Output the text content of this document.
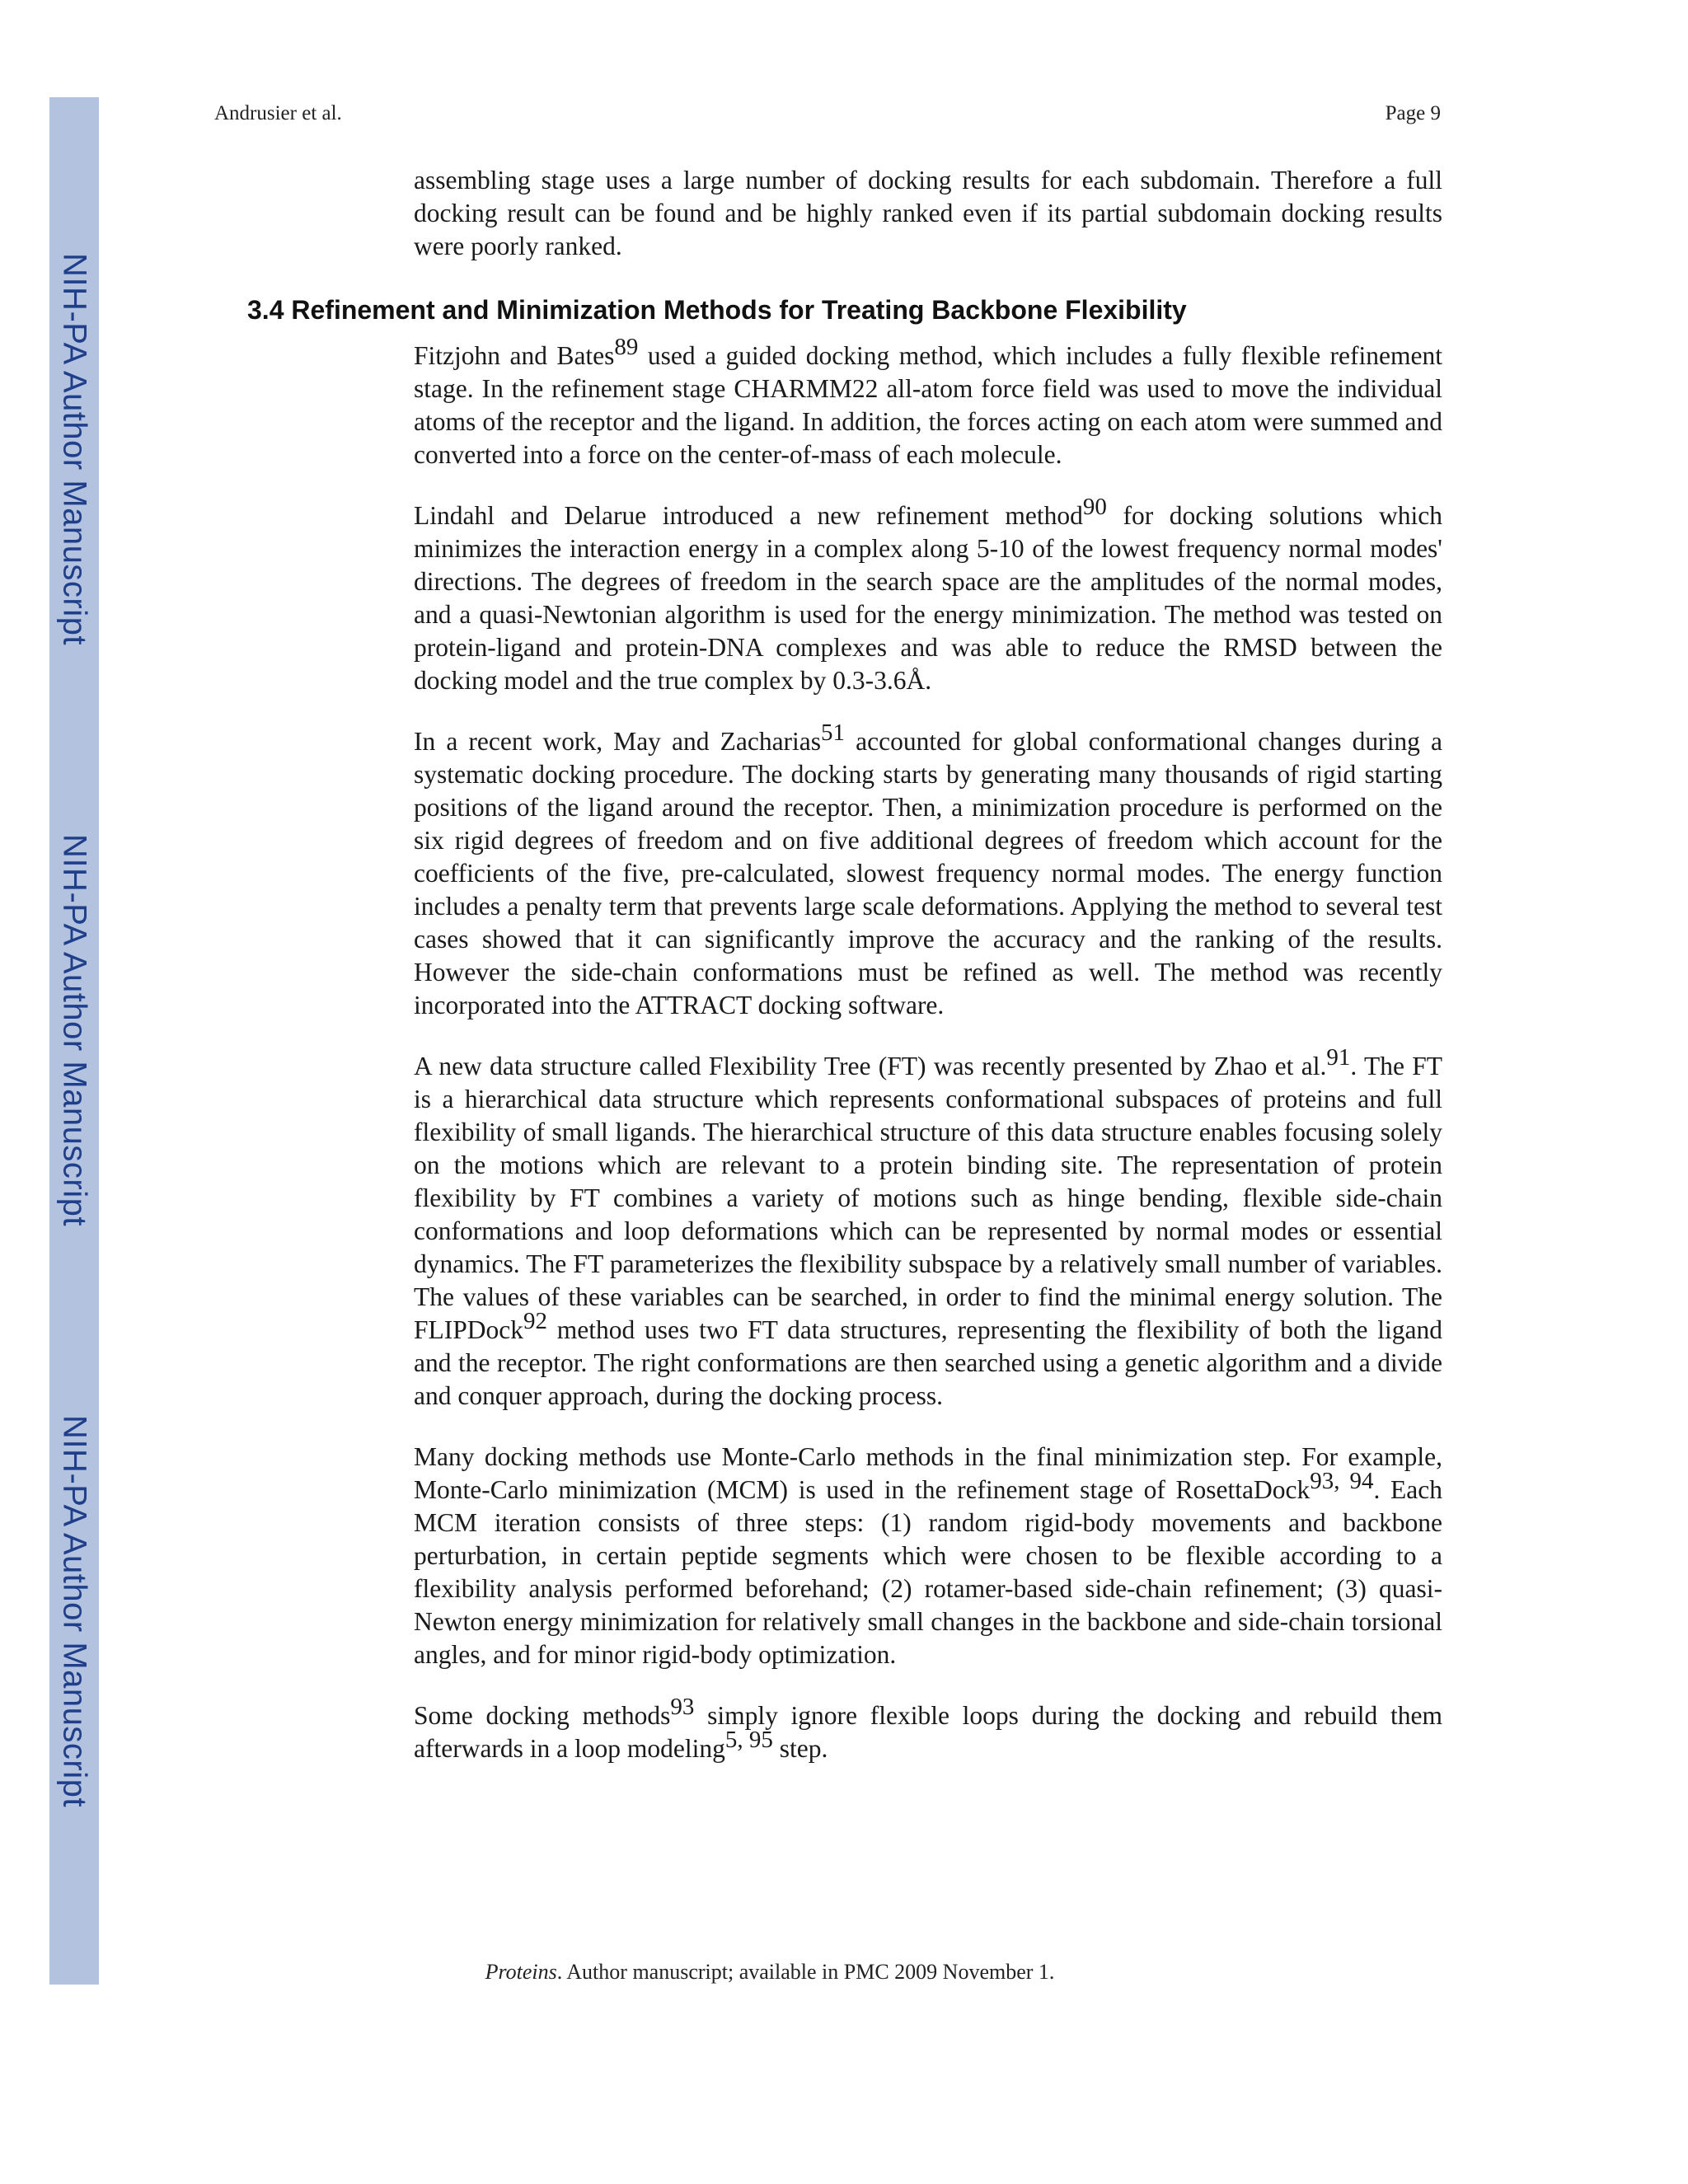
NIH-PA Author Manuscript
NIH-PA Author Manuscript
NIH-PA Author Manuscript
Andrusier et al.	Page 9

assembling stage uses a large number of docking results for each subdomain. Therefore a full docking result can be found and be highly ranked even if its partial subdomain docking results were poorly ranked.

3.4 Refinement and Minimization Methods for Treating Backbone Flexibility

Fitzjohn and Bates$^{89}$ used a guided docking method, which includes a fully flexible refinement stage. In the refinement stage CHARMM22 all-atom force field was used to move the individual atoms of the receptor and the ligand. In addition, the forces acting on each atom were summed and converted into a force on the center-of-mass of each molecule.

Lindahl and Delarue introduced a new refinement method$^{90}$ for docking solutions which minimizes the interaction energy in a complex along 5-10 of the lowest frequency normal modes' directions. The degrees of freedom in the search space are the amplitudes of the normal modes, and a quasi-Newtonian algorithm is used for the energy minimization. The method was tested on protein-ligand and protein-DNA complexes and was able to reduce the RMSD between the docking model and the true complex by 0.3-3.6Å.

In a recent work, May and Zacharias$^{51}$ accounted for global conformational changes during a systematic docking procedure. The docking starts by generating many thousands of rigid starting positions of the ligand around the receptor. Then, a minimization procedure is performed on the six rigid degrees of freedom and on five additional degrees of freedom which account for the coefficients of the five, pre-calculated, slowest frequency normal modes. The energy function includes a penalty term that prevents large scale deformations. Applying the method to several test cases showed that it can significantly improve the accuracy and the ranking of the results. However the side-chain conformations must be refined as well. The method was recently incorporated into the ATTRACT docking software.

A new data structure called Flexibility Tree (FT) was recently presented by Zhao et al.$^{91}$. The FT is a hierarchical data structure which represents conformational subspaces of proteins and full flexibility of small ligands. The hierarchical structure of this data structure enables focusing solely on the motions which are relevant to a protein binding site. The representation of protein flexibility by FT combines a variety of motions such as hinge bending, flexible side-chain conformations and loop deformations which can be represented by normal modes or essential dynamics. The FT parameterizes the flexibility subspace by a relatively small number of variables. The values of these variables can be searched, in order to find the minimal energy solution. The FLIPDock$^{92}$ method uses two FT data structures, representing the flexibility of both the ligand and the receptor. The right conformations are then searched using a genetic algorithm and a divide and conquer approach, during the docking process.

Many docking methods use Monte-Carlo methods in the final minimization step. For example, Monte-Carlo minimization (MCM) is used in the refinement stage of RosettaDock$^{93, 94}$. Each MCM iteration consists of three steps: (1) random rigid-body movements and backbone perturbation, in certain peptide segments which were chosen to be flexible according to a flexibility analysis performed beforehand; (2) rotamer-based side-chain refinement; (3) quasi-Newton energy minimization for relatively small changes in the backbone and side-chain torsional angles, and for minor rigid-body optimization.

Some docking methods$^{93}$ simply ignore flexible loops during the docking and rebuild them afterwards in a loop modeling$^{5, 95}$ step.

Proteins. Author manuscript; available in PMC 2009 November 1.
